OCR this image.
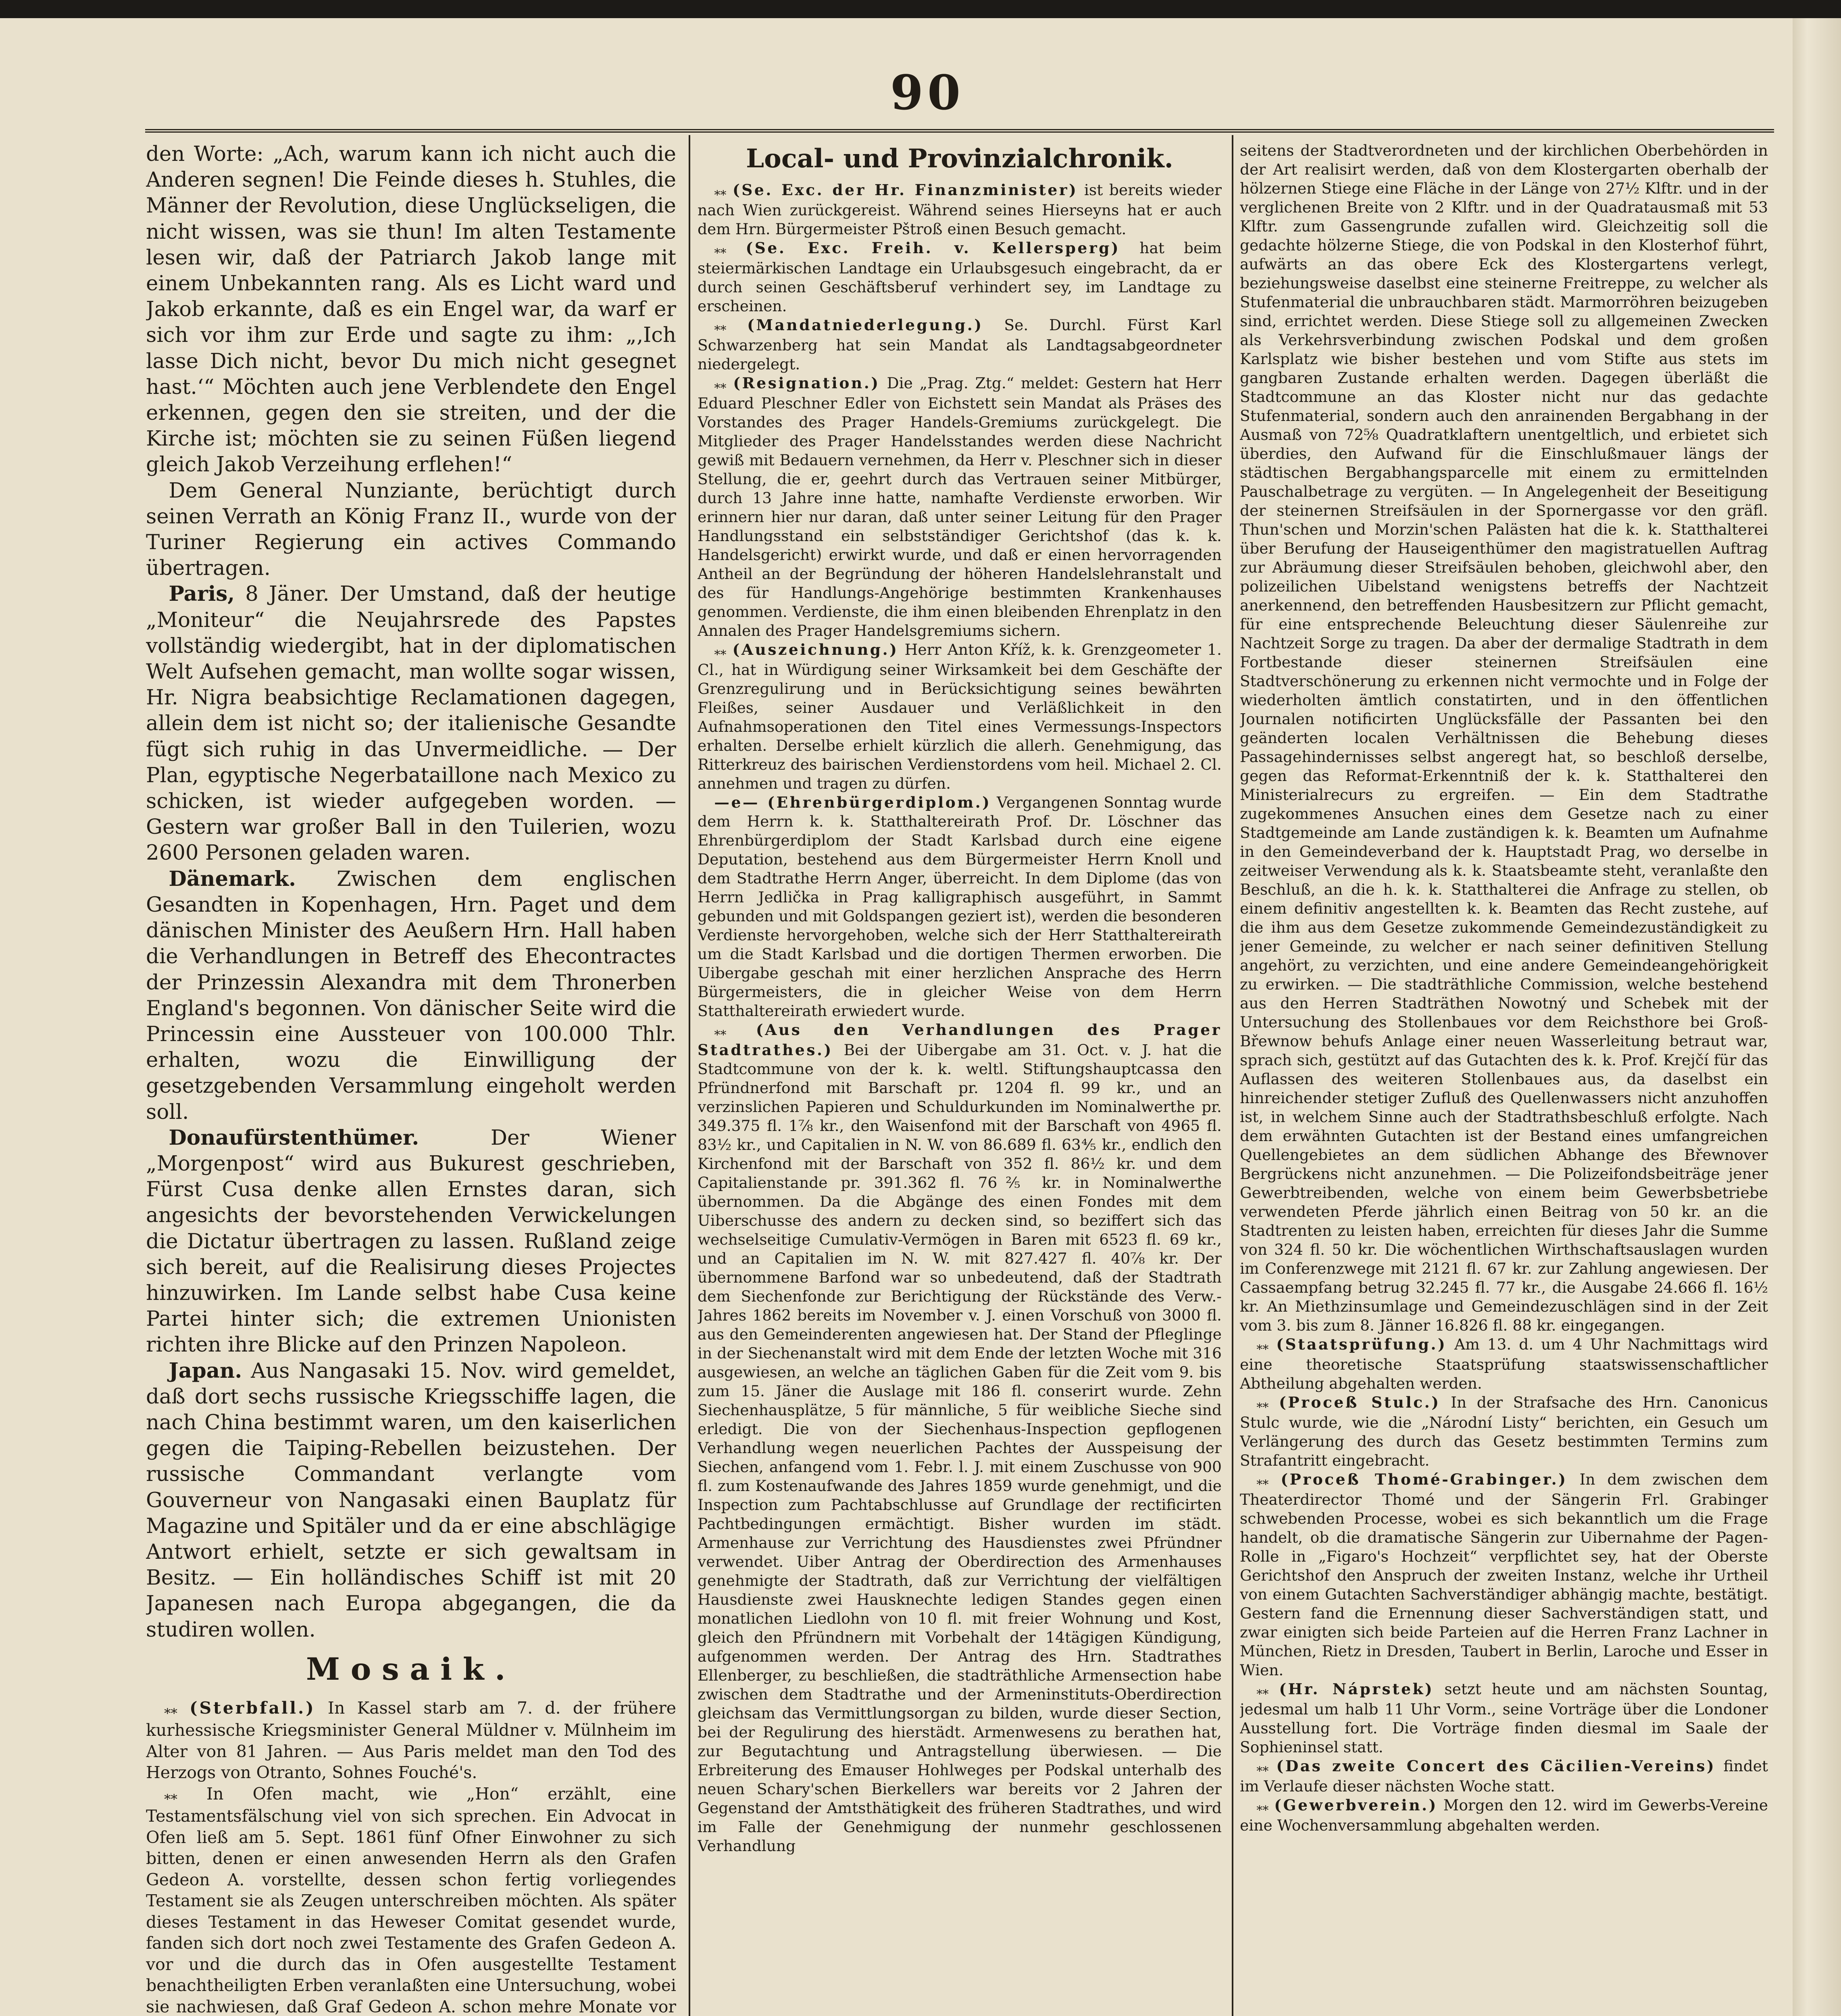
90

den Worte: „Ach, warum kann ich nicht auch die Anderen segnen! Die Feinde dieses h. Stuhles, die Männer der Revolution, diese Unglückseligen, die nicht wissen, was sie thun! Im alten Testamente lesen wir, daß der Patriarch Jakob lange mit einem Unbekannten rang. Als es Licht ward und Jakob erkannte, daß es ein Engel war, da warf er sich vor ihm zur Erde und sagte zu ihm: „‚Ich lasse Dich nicht, bevor Du mich nicht gesegnet hast.‘“ Möchten auch jene Verblendete den Engel erkennen, gegen den sie streiten, und der die Kirche ist; möchten sie zu seinen Füßen liegend gleich Jakob Verzeihung erflehen!“

Dem General Nunziante, berüchtigt durch seinen Verrath an König Franz II., wurde von der Turiner Regierung ein actives Commando übertragen.

Paris, 8 Jäner. Der Umstand, daß der heutige „Moniteur“ die Neujahrsrede des Papstes vollständig wiedergibt, hat in der diplomatischen Welt Aufsehen gemacht, man wollte sogar wissen, Hr. Nigra beabsichtige Reclamationen dagegen, allein dem ist nicht so; der italienische Gesandte fügt sich ruhig in das Unvermeidliche. — Der Plan, egyptische Negerbataillone nach Mexico zu schicken, ist wieder aufgegeben worden. — Gestern war großer Ball in den Tuilerien, wozu 2600 Personen geladen waren.

Dänemark. Zwischen dem englischen Gesandten in Kopenhagen, Hrn. Paget und dem dänischen Minister des Aeußern Hrn. Hall haben die Verhandlungen in Betreff des Ehecontractes der Prinzessin Alexandra mit dem Thronerben England's begonnen. Von dänischer Seite wird die Princessin eine Aussteuer von 100.000 Thlr. erhalten, wozu die Einwilligung der gesetzgebenden Versammlung eingeholt werden soll.

Donaufürstenthümer.	Der Wiener „Morgenpost“ wird aus Bukurest geschrieben, Fürst Cusa denke allen Ernstes daran, sich angesichts der bevorstehenden Verwickelungen die Dictatur übertragen zu lassen. Rußland zeige sich bereit, auf die Realisirung dieses Projectes hinzuwirken. Im Lande selbst habe Cusa keine Partei hinter sich; die extremen Unionisten richten ihre Blicke auf den Prinzen Napoleon.

Japan. Aus Nangasaki 15. Nov. wird gemeldet, daß dort sechs russische Kriegsschiffe lagen, die nach China bestimmt waren, um den kaiserlichen gegen die Taiping-Rebellen beizustehen. Der russische Commandant verlangte vom Gouverneur von Nangasaki einen Bauplatz für Magazine und Spitäler und da er eine abschlägige Antwort erhielt, setzte er sich gewaltsam in Besitz. — Ein holländisches Schiff ist mit 20 Japanesen nach Europa abgegangen, die da studiren wollen.

Mosaik.

⁎⁎ (Sterbfall.) In Kassel starb am 7. d. der frühere kurhessische Kriegsminister General Müldner v. Mülnheim im Alter von 81 Jahren. — Aus Paris meldet man den Tod des Herzogs von Otranto, Sohnes Fouché's.

⁎⁎ In Ofen macht, wie „Hon“ erzählt, eine Testamentsfälschung viel von sich sprechen. Ein Advocat in Ofen ließ am 5. Sept. 1861 fünf Ofner Einwohner zu sich bitten, denen er einen anwesenden Herrn als den Grafen Gedeon A. vorstellte, dessen schon fertig vorliegendes Testament sie als Zeugen unterschreiben möchten. Als später dieses Testament in das Heweser Comitat gesendet wurde, fanden sich dort noch zwei Testamente des Grafen Gedeon A. vor und die durch das in Ofen ausgestellte Testament benachtheiligten Erben veranlaßten eine Untersuchung, wobei sie nachwiesen, daß Graf Gedeon A. schon mehre Monate vor

Local- und Provinzialchronik.

⁎⁎ (Se. Exc. der Hr. Finanzminister) ist bereits wieder nach Wien zurückgereist. Während seines Hierseyns hat er auch dem Hrn. Bürgermeister Pštroß einen Besuch gemacht.

⁎⁎ (Se. Exc. Freih. v. Kellersperg) hat beim steiermärkischen Landtage ein Urlaubsgesuch eingebracht, da er durch seinen Geschäftsberuf verhindert sey, im Landtage zu erscheinen.

⁎⁎ (Mandatniederlegung.) Se. Durchl. Fürst Karl Schwarzenberg hat sein Mandat als Landtagsabgeordneter niedergelegt.

⁎⁎ (Resignation.) Die „Prag. Ztg.“ meldet: Gestern hat Herr Eduard Pleschner Edler von Eichstett sein Mandat als Präses des Vorstandes des Prager Handels-Gremiums zurückgelegt. Die Mitglieder des Prager Handelsstandes werden diese Nachricht gewiß mit Bedauern vernehmen, da Herr v. Pleschner sich in dieser Stellung, die er, geehrt durch das Vertrauen seiner Mitbürger, durch 13 Jahre inne hatte, namhafte Verdienste erworben. Wir erinnern hier nur daran, daß unter seiner Leitung für den Prager Handlungsstand ein selbstständiger Gerichtshof (das k. k. Handelsgericht) erwirkt wurde, und daß er einen hervorragenden Antheil an der Begründung der höheren Handelslehranstalt und des für Handlungs-Angehörige bestimmten Krankenhauses genommen. Verdienste, die ihm einen bleibenden Ehrenplatz in den Annalen des Prager Handelsgremiums sichern.

⁎⁎ (Auszeichnung.) Herr Anton Kříž, k. k. Grenzgeometer 1. Cl., hat in Würdigung seiner Wirksamkeit bei dem Geschäfte der Grenzregulirung und in Berücksichtigung seines bewährten Fleißes, seiner Ausdauer und Verläßlichkeit in den Aufnahmsoperationen den Titel eines Vermessungs-Inspectors erhalten. Derselbe erhielt kürzlich die allerh. Genehmigung, das Ritterkreuz des bairischen Verdienstordens vom heil. Michael 2. Cl. annehmen und tragen zu dürfen.

—e— (Ehrenbürgerdiplom.) Vergangenen Sonntag wurde dem Herrn k. k. Statthaltereirath Prof. Dr. Löschner das Ehrenbürgerdiplom der Stadt Karlsbad durch eine eigene Deputation, bestehend aus dem Bürgermeister Herrn Knoll und dem Stadtrathe Herrn Anger, überreicht. In dem Diplome (das von Herrn Jedlička in Prag kalligraphisch ausgeführt, in Sammt gebunden und mit Goldspangen geziert ist), werden die besonderen Verdienste hervorgehoben, welche sich der Herr Statthaltereirath um die Stadt Karlsbad und die dortigen Thermen erworben. Die Uibergabe geschah mit einer herzlichen Ansprache des Herrn Bürgermeisters, die in gleicher Weise von dem Herrn Statthaltereirath erwiedert wurde.

⁎⁎ (Aus den Verhandlungen des Prager Stadtrathes.) Bei der Uibergabe am 31. Oct. v. J. hat die Stadtcommune von der k. k. weltl. Stiftungshauptcassa den Pfründnerfond mit Barschaft pr. 1204 fl. 99 kr., und an verzinslichen Papieren und Schuldurkunden im Nominalwerthe pr. 349.375 fl. 1⅞ kr., den Waisenfond mit der Barschaft von 4965 fl. 83½ kr., und Capitalien in N. W. von 86.689 fl. 63⅘ kr., endlich den Kirchenfond mit der Barschaft von 352 fl. 86½ kr. und dem Capitalienstande pr. 391.362 fl. 76⅖ kr. in Nominalwerthe übernommen. Da die Abgänge des einen Fondes mit dem Uiberschusse des andern zu decken sind, so beziffert sich das wechselseitige Cumulativ-Vermögen in Baren mit 6523 fl. 69 kr., und an Capitalien im N. W. mit 827.427 fl. 40⅞ kr. Der übernommene Barfond war so unbedeutend, daß der Stadtrath dem Siechenfonde zur Berichtigung der Rückstände des Verw.-Jahres 1862 bereits im November v. J. einen Vorschuß von 3000 fl. aus den Gemeinderenten angewiesen hat. Der Stand der Pfleglinge in der Siechenanstalt wird mit dem Ende der letzten Woche mit 316 ausgewiesen, an welche an täglichen Gaben für die Zeit vom 9. bis zum 15. Jäner die Auslage mit 186 fl. conserirt wurde. Zehn Siechenhausplätze, 5 für männliche, 5 für weibliche Sieche sind erledigt. Die von der Siechenhaus-Inspection gepflogenen Verhandlung wegen neuerlichen Pachtes der Ausspeisung der Siechen, anfangend vom 1. Febr. l. J. mit einem Zuschusse von 900 fl. zum Kostenaufwande des Jahres 1859 wurde genehmigt, und die Inspection zum Pachtabschlusse auf Grundlage der rectificirten Pachtbedingungen ermächtigt. Bisher wurden im städt. Armenhause zur Verrichtung des Hausdienstes zwei Pfründner verwendet. Uiber Antrag der Oberdirection des Armenhauses genehmigte der Stadtrath, daß zur Verrichtung der vielfältigen Hausdienste zwei Hausknechte ledigen Standes gegen einen monatlichen Liedlohn von 10 fl. mit freier Wohnung und Kost, gleich den Pfründnern mit Vorbehalt der 14tägigen Kündigung, aufgenommen werden. Der Antrag des Hrn. Stadtrathes Ellenberger, zu beschließen, die stadträthliche Armensection habe zwischen dem Stadtrathe und der Armeninstituts-Oberdirection gleichsam das Vermittlungsorgan zu bilden, wurde dieser Section, bei der Regulirung des hierstädt. Armenwesens zu berathen hat, zur Begutachtung und Antragstellung überwiesen. — Die Erbreiterung des Emauser Hohlweges per Podskal unterhalb des neuen Schary'schen Bierkellers war bereits vor 2 Jahren der Gegenstand der Amtsthätigkeit des früheren Stadtrathes, und wird im Falle der Genehmigung der nunmehr geschlossenen Verhandlung

seitens der Stadtverordneten und der kirchlichen Oberbehörden in der Art realisirt werden, daß von dem Klostergarten oberhalb der hölzernen Stiege eine Fläche in der Länge von 27½ Klftr. und in der verglichenen Breite von 2 Klftr. und in der Quadratausmaß mit 53 Klftr. zum Gassengrunde zufallen wird. Gleichzeitig soll die gedachte hölzerne Stiege, die von Podskal in den Klosterhof führt, aufwärts an das obere Eck des Klostergartens verlegt, beziehungsweise daselbst eine steinerne Freitreppe, zu welcher als Stufenmaterial die unbrauchbaren städt. Marmorröhren beizugeben sind, errichtet werden. Diese Stiege soll zu allgemeinen Zwecken als Verkehrsverbindung zwischen Podskal und dem großen Karlsplatz wie bisher bestehen und vom Stifte aus stets im gangbaren Zustande erhalten werden. Dagegen überläßt die Stadtcommune an das Kloster nicht nur das gedachte Stufenmaterial, sondern auch den anrainenden Bergabhang in der Ausmaß von 72⅝ Quadratklaftern unentgeltlich, und erbietet sich überdies, den Aufwand für die Einschlußmauer längs der städtischen Bergabhangsparcelle mit einem zu ermittelnden Pauschalbetrage zu vergüten. — In Angelegenheit der Beseitigung der steinernen Streifsäulen in der Spornergasse vor den gräfl. Thun'schen und Morzin'schen Palästen hat die k. k. Statthalterei über Berufung der Hauseigenthümer den magistratuellen Auftrag zur Abräumung dieser Streifsäulen behoben, gleichwohl aber, den polizeilichen Uibelstand wenigstens betreffs der Nachtzeit anerkennend, den betreffenden Hausbesitzern zur Pflicht gemacht, für eine entsprechende Beleuchtung dieser Säulenreihe zur Nachtzeit Sorge zu tragen. Da aber der dermalige Stadtrath in dem Fortbestande dieser steinernen Streifsäulen eine Stadtverschönerung zu erkennen nicht vermochte und in Folge der wiederholten ämtlich constatirten, und in den öffentlichen Journalen notificirten Unglücksfälle der Passanten bei den geänderten localen Verhältnissen die Behebung dieses Passagehindernisses selbst angeregt hat, so beschloß derselbe, gegen das Reformat-Erkenntniß der k. k. Statthalterei den Ministerialrecurs zu ergreifen. — Ein dem Stadtrathe zugekommenes Ansuchen eines dem Gesetze nach zu einer Stadtgemeinde am Lande zuständigen k. k. Beamten um Aufnahme in den Gemeindeverband der k. Hauptstadt Prag, wo derselbe in zeitweiser Verwendung als k. k. Staatsbeamte steht, veranlaßte den Beschluß, an die h. k. k. Statthalterei die Anfrage zu stellen, ob einem definitiv angestellten k. k. Beamten das Recht zustehe, auf die ihm aus dem Gesetze zukommende Gemeindezuständigkeit zu jener Gemeinde, zu welcher er nach seiner definitiven Stellung angehört, zu verzichten, und eine andere Gemeindeangehörigkeit zu erwirken. — Die stadträthliche Commission, welche bestehend aus den Herren Stadträthen Nowotný und Schebek mit der Untersuchung des Stollenbaues vor dem Reichsthore bei Groß-Břewnow behufs Anlage einer neuen Wasserleitung betraut war, sprach sich, gestützt auf das Gutachten des k. k. Prof. Krejčí für das Auflassen des weiteren Stollenbaues aus, da daselbst ein hinreichender stetiger Zufluß des Quellenwassers nicht anzuhoffen ist, in welchem Sinne auch der Stadtrathsbeschluß erfolgte. Nach dem erwähnten Gutachten ist der Bestand eines umfangreichen Quellengebietes an dem südlichen Abhange des Břewnover Bergrückens nicht anzunehmen. — Die Polizeifondsbeiträge jener Gewerbtreibenden, welche von einem beim Gewerbsbetriebe verwendeten Pferde jährlich einen Beitrag von 50 kr. an die Stadtrenten zu leisten haben, erreichten für dieses Jahr die Summe von 324 fl. 50 kr. Die wöchentlichen Wirthschaftsauslagen wurden im Conferenzwege mit 2121 fl. 67 kr. zur Zahlung angewiesen. Der Cassaempfang betrug 32.245 fl. 77 kr., die Ausgabe 24.666 fl. 16½ kr. An Miethzinsumlage und Gemeindezuschlägen sind in der Zeit vom 3. bis zum 8. Jänner 16.826 fl. 88 kr. eingegangen.

⁎⁎ (Staatsprüfung.) Am 13. d. um 4 Uhr Nachmittags wird eine theoretische Staatsprüfung staatswissenschaftlicher Abtheilung abgehalten werden.

⁎⁎ (Proceß Stulc.) In der Strafsache des Hrn. Canonicus Stulc wurde, wie die „Národní Listy“ berichten, ein Gesuch um Verlängerung des durch das Gesetz bestimmten Termins zum Strafantritt eingebracht.

⁎⁎ (Proceß Thomé-Grabinger.) In dem zwischen dem Theaterdirector Thomé und der Sängerin Frl. Grabinger schwebenden Processe, wobei es sich bekanntlich um die Frage handelt, ob die dramatische Sängerin zur Uibernahme der Pagen-Rolle in „Figaro's Hochzeit“ verpflichtet sey, hat der Oberste Gerichtshof den Anspruch der zweiten Instanz, welche ihr Urtheil von einem Gutachten Sachverständiger abhängig machte, bestätigt. Gestern fand die Ernennung dieser Sachverständigen statt, und zwar einigten sich beide Parteien auf die Herren Franz Lachner in München, Rietz in Dresden, Taubert in Berlin, Laroche und Esser in Wien.

⁎⁎ (Hr. Náprstek) setzt heute und am nächsten Sountag, jedesmal um halb 11 Uhr Vorm., seine Vorträge über die Londoner Ausstellung fort. Die Vorträge finden diesmal im Saale der Sophieninsel statt.

⁎⁎ (Das zweite Concert des Cäcilien-Vereins) findet im Verlaufe dieser nächsten Woche statt.

⁎⁎ (Gewerbverein.) Morgen den 12. wird im Gewerbs-Vereine eine Wochenversammlung abgehalten werden.
